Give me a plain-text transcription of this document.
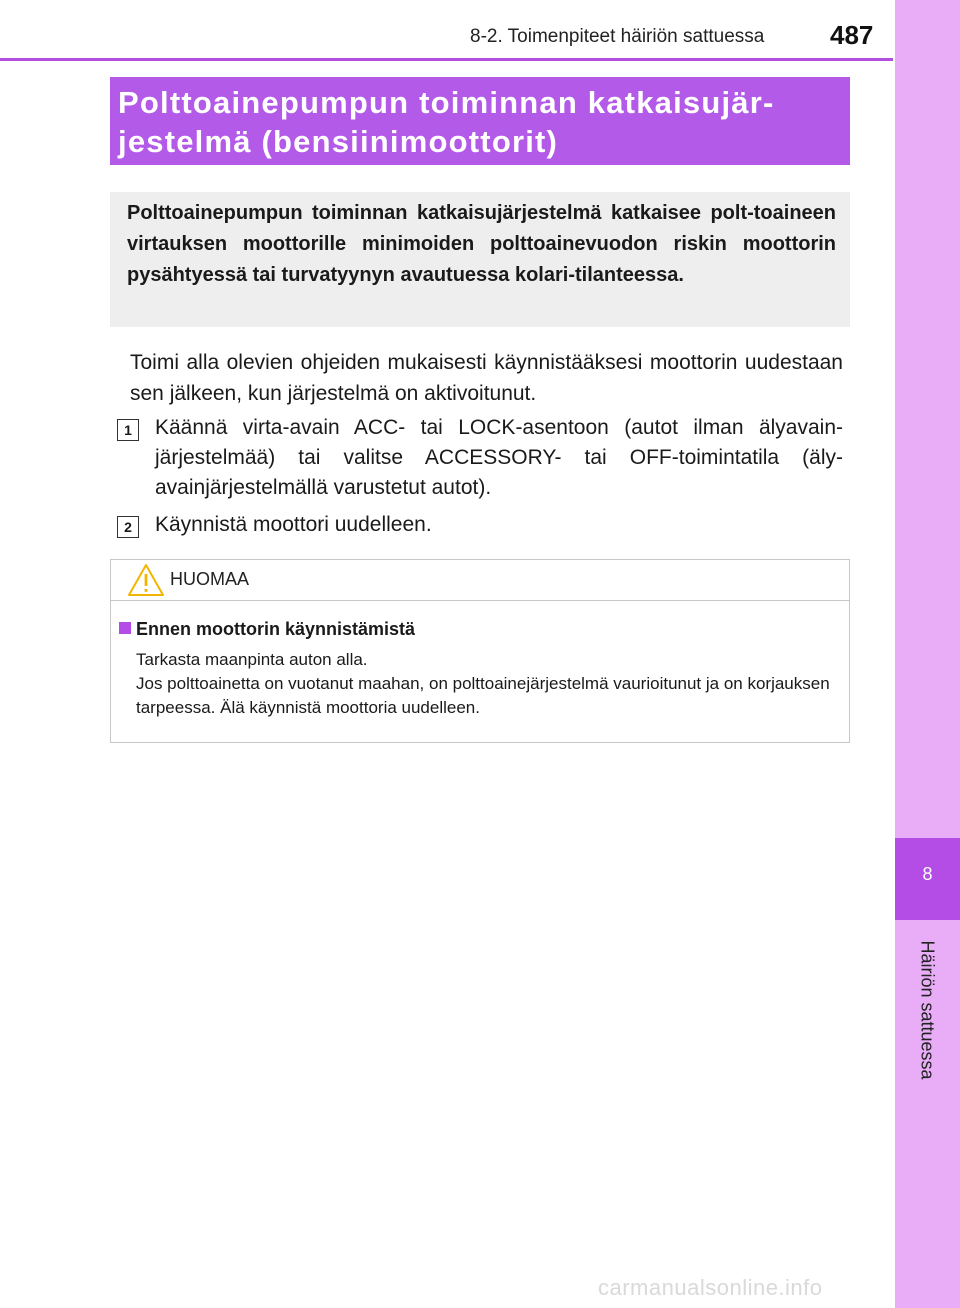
8-2. Toimenpiteet häiriön sattuessa	487
8
Häiriön sattuessa
Polttoainepumpun toiminnan katkaisujär-jestelmä (bensiinimoottorit)
Polttoainepumpun toiminnan katkaisujärjestelmä katkaisee polt-toaineen virtauksen moottorille minimoiden polttoainevuodon riskin moottorin pysähtyessä tai turvatyynyn avautuessa kolari-tilanteessa.
Toimi alla olevien ohjeiden mukaisesti käynnistääksesi moottorin uudestaan sen jälkeen, kun järjestelmä on aktivoitunut.
1	Käännä virta-avain ACC- tai LOCK-asentoon (autot ilman älyavain-järjestelmää) tai valitse ACCESSORY- tai OFF-toimintatila (äly-avainjärjestelmällä varustetut autot).
2	Käynnistä moottori uudelleen.
HUOMAA
Ennen moottorin käynnistämistä
Tarkasta maanpinta auton alla.
Jos polttoainetta on vuotanut maahan, on polttoainejärjestelmä vaurioitunut ja on korjauksen tarpeessa. Älä käynnistä moottoria uudelleen.
carmanualsonline.info
